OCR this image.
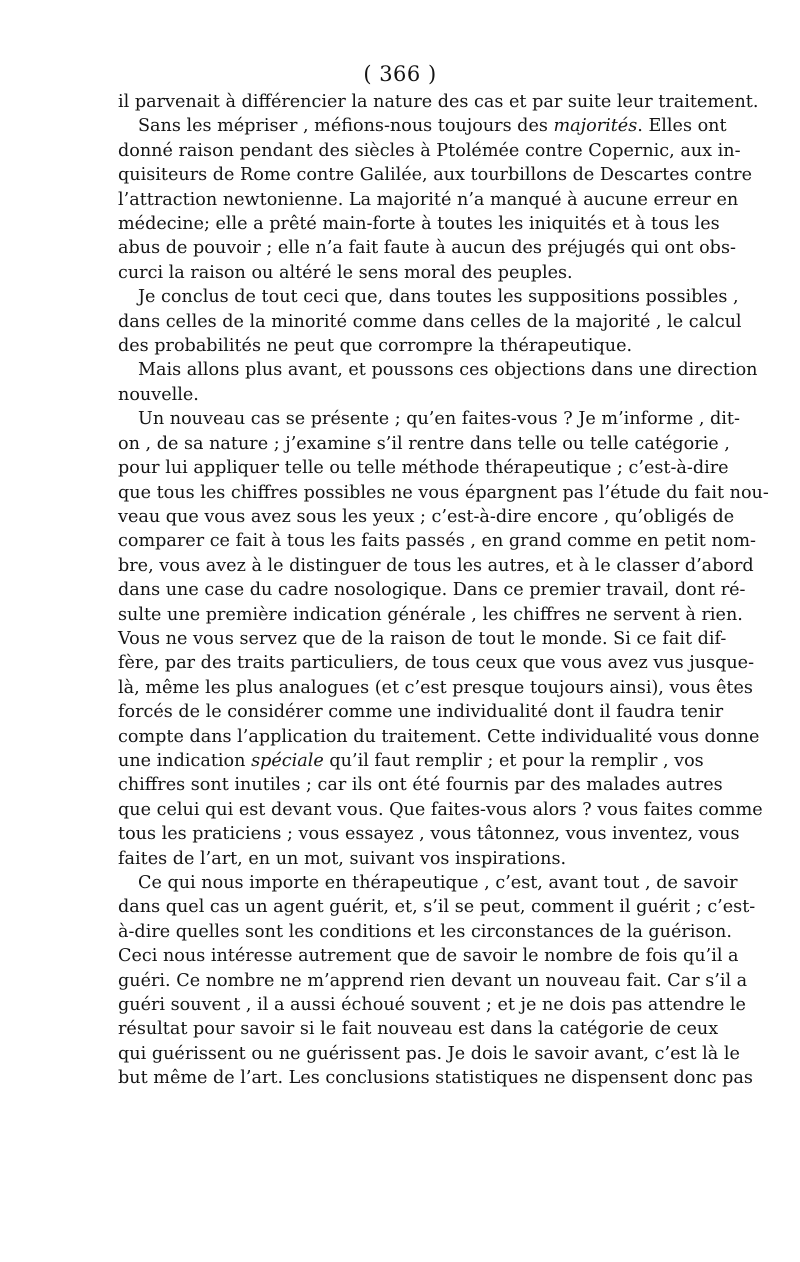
( 366 )
il parvenait à différencier la nature des cas et par suite leur traitement.
Sans les mépriser , méfions-nous toujours des majorités. Elles ont
donné raison pendant des siècles à Ptolémée contre Copernic, aux in-
quisiteurs de Rome contre Galilée, aux tourbillons de Descartes contre
l’attraction newtonienne. La majorité n’a manqué à aucune erreur en
médecine; elle a prêté main-forte à toutes les iniquités et à tous les
abus de pouvoir ; elle n’a fait faute à aucun des préjugés qui ont obs-
curci la raison ou altéré le sens moral des peuples.
Je conclus de tout ceci que, dans toutes les suppositions possibles ,
dans celles de la minorité comme dans celles de la majorité , le calcul
des probabilités ne peut que corrompre la thérapeutique.
Mais allons plus avant, et poussons ces objections dans une direction
nouvelle.
Un nouveau cas se présente ; qu’en faites-vous ? Je m’informe , dit-
on , de sa nature ; j’examine s’il rentre dans telle ou telle catégorie ,
pour lui appliquer telle ou telle méthode thérapeutique ; c’est-à-dire
que tous les chiffres possibles ne vous épargnent pas l’étude du fait nou-
veau que vous avez sous les yeux ; c’est-à-dire encore , qu’obligés de
comparer ce fait à tous les faits passés , en grand comme en petit nom-
bre, vous avez à le distinguer de tous les autres, et à le classer d’abord
dans une case du cadre nosologique. Dans ce premier travail, dont ré-
sulte une première indication générale , les chiffres ne servent à rien.
Vous ne vous servez que de la raison de tout le monde. Si ce fait dif-
fère, par des traits particuliers, de tous ceux que vous avez vus jusque-
là, même les plus analogues (et c’est presque toujours ainsi), vous êtes
forcés de le considérer comme une individualité dont il faudra tenir
compte dans l’application du traitement. Cette individualité vous donne
une indication spéciale qu’il faut remplir ; et pour la remplir , vos
chiffres sont inutiles ; car ils ont été fournis par des malades autres
que celui qui est devant vous. Que faites-vous alors ? vous faites comme
tous les praticiens ; vous essayez , vous tâtonnez, vous inventez, vous
faites de l’art, en un mot, suivant vos inspirations.
Ce qui nous importe en thérapeutique , c’est, avant tout , de savoir
dans quel cas un agent guérit, et, s’il se peut, comment il guérit ; c’est-
à-dire quelles sont les conditions et les circonstances de la guérison.
Ceci nous intéresse autrement que de savoir le nombre de fois qu’il a
guéri. Ce nombre ne m’apprend rien devant un nouveau fait. Car s’il a
guéri souvent , il a aussi échoué souvent ; et je ne dois pas attendre le
résultat pour savoir si le fait nouveau est dans la catégorie de ceux
qui guérissent ou ne guérissent pas. Je dois le savoir avant, c’est là le
but même de l’art. Les conclusions statistiques ne dispensent donc pas
